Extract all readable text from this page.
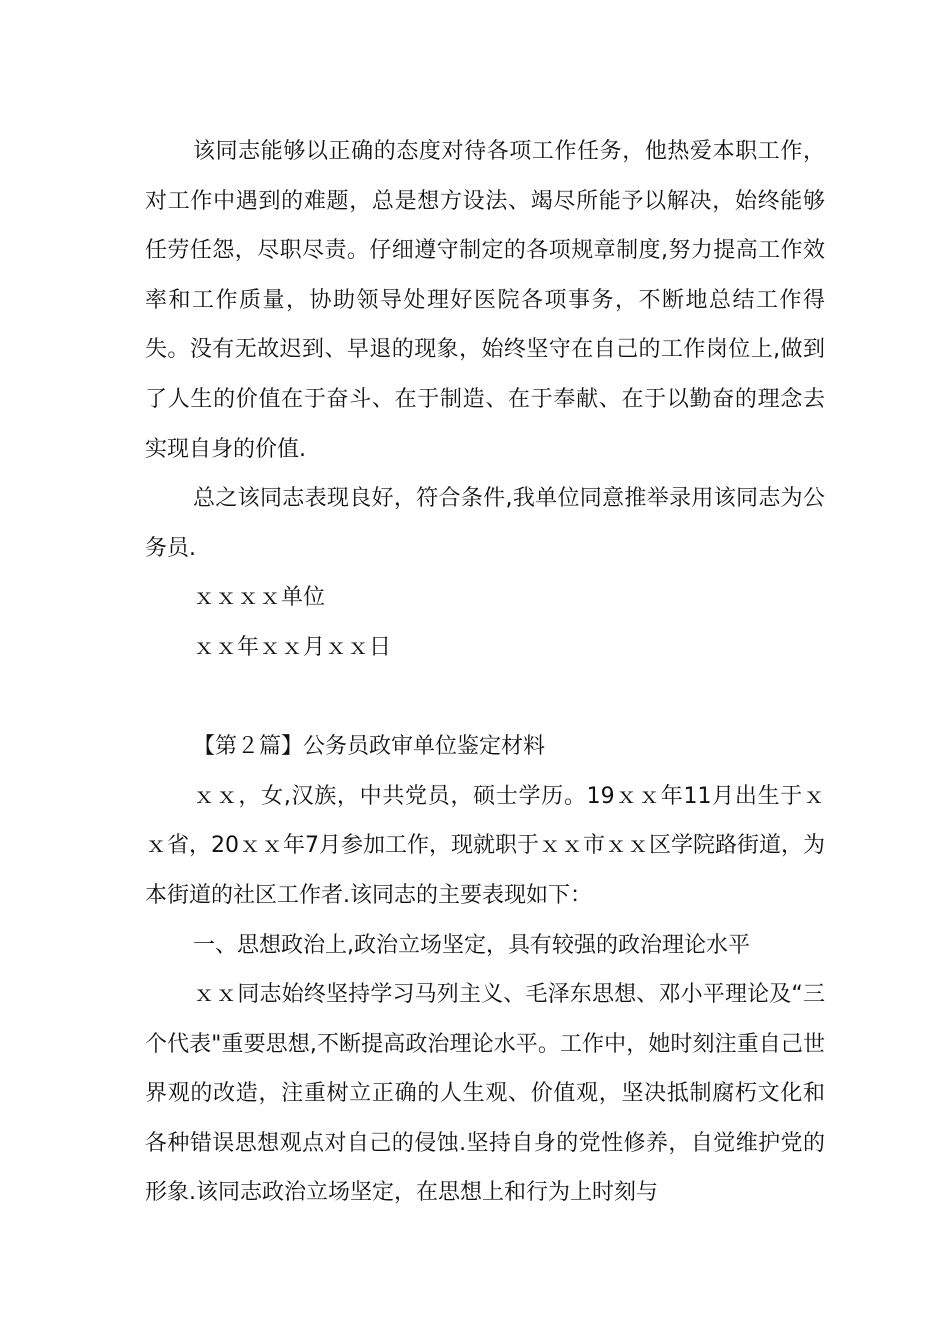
该同志能够以正确的态度对待各项工作任务，他热爱本职工作，对工作中遇到的难题，总是想方设法、竭尽所能予以解决，始终能够任劳任怨，尽职尽责。仔细遵守制定的各项规章制度,努力提高工作效率和工作质量，协助领导处理好医院各项事务，不断地总结工作得失。没有无故迟到、早退的现象，始终坚守在自己的工作岗位上,做到了人生的价值在于奋斗、在于制造、在于奉献、在于以勤奋的理念去实现自身的价值.

总之该同志表现良好，符合条件,我单位同意推举录用该同志为公务员.

ｘｘｘｘ单位

ｘｘ年ｘｘ月ｘｘ日

【第２篇】公务员政审单位鉴定材料

ｘｘ，女,汉族，中共党员，硕士学历。19ｘｘ年11月出生于ｘｘ省，20ｘｘ年7月参加工作，现就职于ｘｘ市ｘｘ区学院路街道，为本街道的社区工作者.该同志的主要表现如下：

一、思想政治上,政治立场坚定，具有较强的政治理论水平

ｘｘ同志始终坚持学习马列主义、毛泽东思想、邓小平理论及“三个代表"重要思想,不断提高政治理论水平。工作中，她时刻注重自己世界观的改造，注重树立正确的人生观、价值观，坚决抵制腐朽文化和各种错误思想观点对自己的侵蚀.坚持自身的党性修养，自觉维护党的形象.该同志政治立场坚定，在思想上和行为上时刻与
